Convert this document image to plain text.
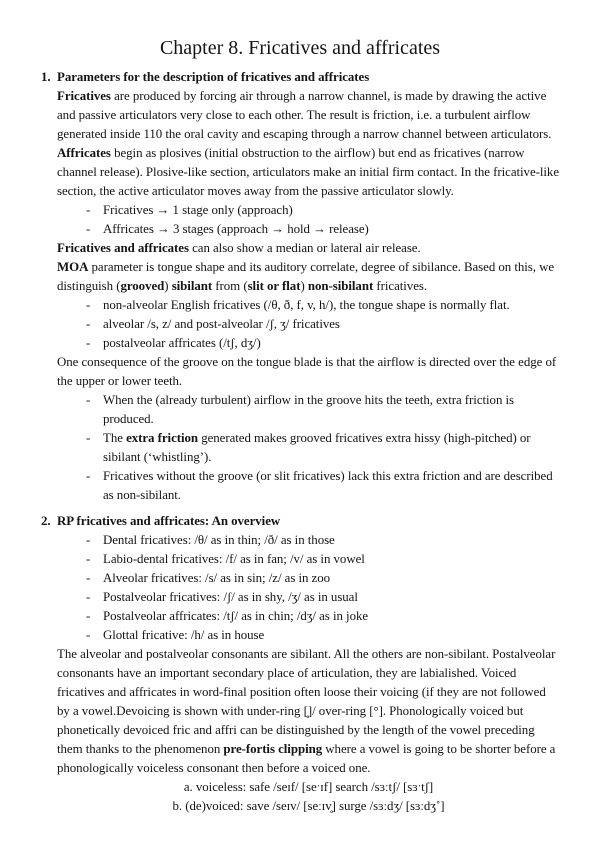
Chapter 8. Fricatives and affricates
1. Parameters for the description of fricatives and affricates
Fricatives are produced by forcing air through a narrow channel, is made by drawing the active and passive articulators very close to each other. The result is friction, i.e. a turbulent airflow generated inside 110 the oral cavity and escaping through a narrow channel between articulators.
Affricates begin as plosives (initial obstruction to the airflow) but end as fricatives (narrow channel release). Plosive-like section, articulators make an initial firm contact. In the fricative-like section, the active articulator moves away from the passive articulator slowly.
- Fricatives → 1 stage only (approach)
- Affricates → 3 stages (approach → hold → release)
Fricatives and affricates can also show a median or lateral air release.
MOA parameter is tongue shape and its auditory correlate, degree of sibilance. Based on this, we distinguish (grooved) sibilant from (slit or flat) non-sibilant fricatives.
- non-alveolar English fricatives (/θ, ð, f, v, h/), the tongue shape is normally flat.
- alveolar /s, z/ and post-alveolar /ʃ, ʒ/ fricatives
- postalveolar affricates (/tʃ, dʒ/)
One consequence of the groove on the tongue blade is that the airflow is directed over the edge of the upper or lower teeth.
- When the (already turbulent) airflow in the groove hits the teeth, extra friction is produced.
- The extra friction generated makes grooved fricatives extra hissy (high-pitched) or sibilant (‘whistling’).
- Fricatives without the groove (or slit fricatives) lack this extra friction and are described as non-sibilant.
2. RP fricatives and affricates: An overview
- Dental fricatives: /θ/ as in thin; /ð/ as in those
- Labio-dental fricatives: /f/ as in fan; /v/ as in vowel
- Alveolar fricatives: /s/ as in sin; /z/ as in zoo
- Postalveolar fricatives: /ʃ/ as in shy, /ʒ/ as in usual
- Postalveolar affricates: /tʃ/ as in chin; /dʒ/ as in joke
- Glottal fricative: /h/ as in house
The alveolar and postalveolar consonants are sibilant. All the others are non-sibilant. Postalveolar consonants have an important secondary place of articulation, they are labialished. Voiced fricatives and affricates in word-final position often loose their voicing (if they are not followed by a vowel.Devoicing is shown with under-ring [̥]/ over-ring [°]. Phonologically voiced but phonetically devoiced fric and affri can be distinguished by the length of the vowel preceding them thanks to the phenomenon pre-fortis clipping where a vowel is going to be shorter before a phonologically voiceless consonant then before a voiced one.
a. voiceless: safe /seɪf/ [seˑɪf] search /sɜːtʃ/ [sɜˑtʃ]
b. (de)voiced: save /seɪv/ [seːɪv̥] surge /sɜːdʒ/ [sɜːdʒ˚]
